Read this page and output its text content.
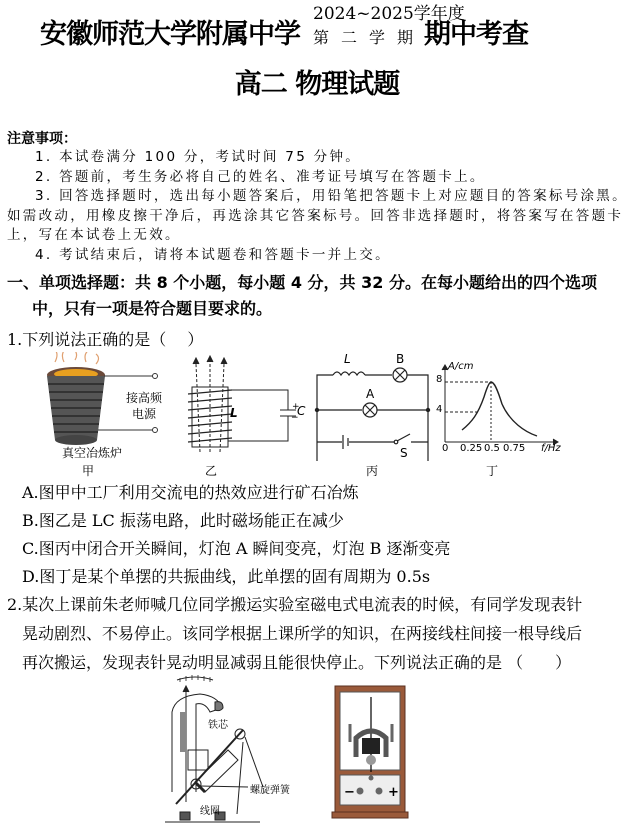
安徽师范大学附属中学
2024~2025学年度
第 二 学 期 期中考查
高二 物理试题
注意事项：

1. 本试卷满分 100 分，考试时间 75 分钟。

2. 答题前，考生务必将自己的姓名、准考证号填写在答题卡上。

3. 回答选择题时，选出每小题答案后，用铅笔把答题卡上对应题目的答案标号涂黑。如需改动，用橡皮擦干净后，再选涂其它答案标号。回答非选择题时，将答案写在答题卡上，写在本试卷上无效。

4. 考试结束后，请将本试题卷和答题卡一并上交。

一、单项选择题：共 8 个小题，每小题 4 分，共 32 分。在每小题给出的四个选项
中，只有一项是符合题目要求的。
1.下列说法正确的是（　 ）
接高频
电源
真空冶炼炉
甲
L	+
C
−
乙
L	B
A
S
丙
A/cm
4
8
0 0.25 0.5 0.75 f/Hz
丁
A.图甲中工厂利用交流电的热效应进行矿石冶炼
B.图乙是 LC 振荡电路，此时磁场能正在减少
C.图丙中闭合开关瞬间，灯泡 A 瞬间变亮，灯泡 B 逐渐变亮
D.图丁是某个单摆的共振曲线，此单摆的固有周期为 0.5s
2.某次上课前朱老师喊几位同学搬运实验室磁电式电流表的时候，有同学发现表针
晃动剧烈、不易停止。该同学根据上课所学的知识，在两接线柱间接一根导线后
再次搬运，发现表针晃动明显减弱且能很快停止。下列说法正确的是 （　　）
−	+
铁芯
螺旋弹簧
线圈
